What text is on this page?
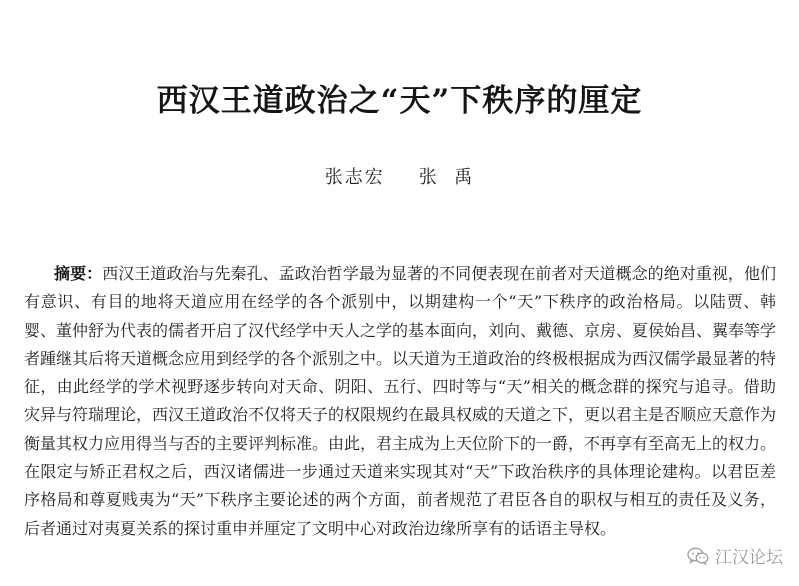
西汉王道政治之“天”下秩序的厘定
张志宏 张  禹
摘要：西汉王道政治与先秦孔、孟政治哲学最为显著的不同便表现在前者对天道概念的绝对重视，他们有意识、有目的地将天道应用在经学的各个派别中，以期建构一个“天”下秩序的政治格局。以陆贾、韩婴、董仲舒为代表的儒者开启了汉代经学中天人之学的基本面向，刘向、戴德、京房、夏侯始昌、翼奉等学者踵继其后将天道概念应用到经学的各个派别之中。以天道为王道政治的终极根据成为西汉儒学最显著的特征，由此经学的学术视野逐步转向对天命、阴阳、五行、四时等与“天”相关的概念群的探究与追寻。借助灾异与符瑞理论，西汉王道政治不仅将天子的权限规约在最具权威的天道之下，更以君主是否顺应天意作为衡量其权力应用得当与否的主要评判标准。由此，君主成为上天位阶下的一爵，不再享有至高无上的权力。在限定与矫正君权之后，西汉诸儒进一步通过天道来实现其对“天”下政治秩序的具体理论建构。以君臣差序格局和尊夏贱夷为“天”下秩序主要论述的两个方面，前者规范了君臣各自的职权与相互的责任及义务，后者通过对夷夏关系的探讨重申并厘定了文明中心对政治边缘所享有的话语主导权。
江汉论坛
